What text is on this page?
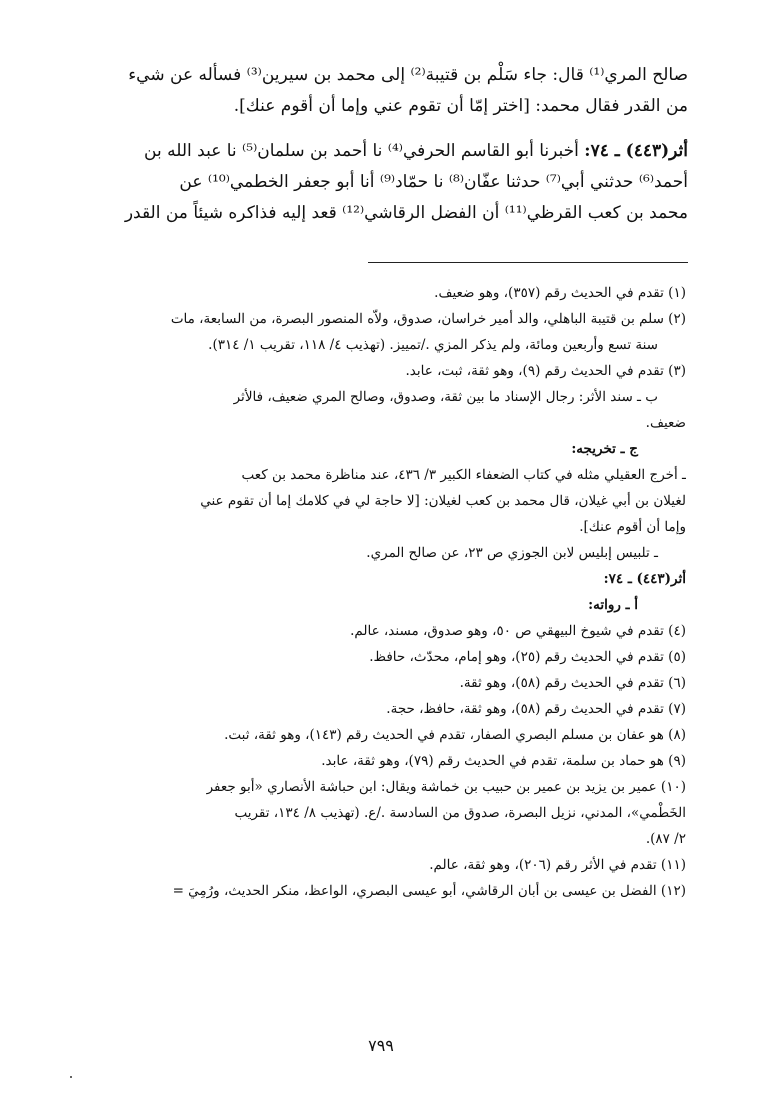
صالح المري⁽¹⁾ قال: جاء سَلْم بن قتيبة⁽²⁾ إلى محمد بن سيرين⁽³⁾ فسأله عن شيء

من القدر فقال محمد: [اختر إمّا أن تقوم عني وإما أن أقوم عنك].

أثر(٤٤٣) ـ ٧٤: أخبرنا أبو القاسم الحرفي⁽⁴⁾ نا أحمد بن سلمان⁽⁵⁾ نا عبد الله بن

أحمد⁽⁶⁾ حدثني أبي⁽⁷⁾ حدثنا عفّان⁽⁸⁾ نا حمّاد⁽⁹⁾ أنا أبو جعفر الخطمي⁽¹⁰⁾ عن

محمد بن كعب القرظي⁽¹¹⁾ أن الفضل الرقاشي⁽¹²⁾ قعد إليه فذاكره شيئاً من القدر

(١) تقدم في الحديث رقم (٣٥٧)، وهو ضعيف.
(٢) سلم بن قتيبة الباهلي، والد أمير خراسان، صدوق، ولاّه المنصور البصرة، من السابعة، مات
سنة تسع وأربعين ومائة، ولم يذكر المزي ./تمييز. (تهذيب ٤/ ١١٨، تقريب ١/ ٣١٤).
(٣) تقدم في الحديث رقم (٩)، وهو ثقة، ثبت، عابد.
ب ـ سند الأثر: رجال الإسناد ما بين ثقة، وصدوق، وصالح المري ضعيف، فالأثر
ضعيف.
ج ـ تخريجه:
ـ أخرج العقيلي مثله في كتاب الضعفاء الكبير ٣/ ٤٣٦، عند مناظرة محمد بن كعب
لغيلان بن أبي غيلان، قال محمد بن كعب لغيلان: [لا حاجة لي في كلامك إما أن تقوم عني
وإما أن أقوم عنك].
ـ تلبيس إبليس لابن الجوزي ص ٢٣، عن صالح المري.
أثر(٤٤٣) ـ ٧٤:
أ ـ رواته:
(٤) تقدم في شيوخ البيهقي ص ٥٠، وهو صدوق، مسند، عالم.
(٥) تقدم في الحديث رقم (٢٥)، وهو إمام، محدّث، حافظ.
(٦) تقدم في الحديث رقم (٥٨)، وهو ثقة.
(٧) تقدم في الحديث رقم (٥٨)، وهو ثقة، حافظ، حجة.
(٨) هو عفان بن مسلم البصري الصفار، تقدم في الحديث رقم (١٤٣)، وهو ثقة، ثبت.
(٩) هو حماد بن سلمة، تقدم في الحديث رقم (٧٩)، وهو ثقة، عابد.
(١٠) عمير بن يزيد بن عمير بن حبيب بن خماشة ويقال: ابن حباشة الأنصاري «أبو جعفر
الخَطْمي»، المدني، نزيل البصرة، صدوق من السادسة ./ع. (تهذيب ٨/ ١٣٤، تقريب
٢/ ٨٧).
(١١) تقدم في الأثر رقم (٢٠٦)، وهو ثقة، عالم.
(١٢) الفضل بن عيسى بن أبان الرقاشي، أبو عيسى البصري، الواعظ، منكر الحديث، ورُمِيَ =
٧٩٩
